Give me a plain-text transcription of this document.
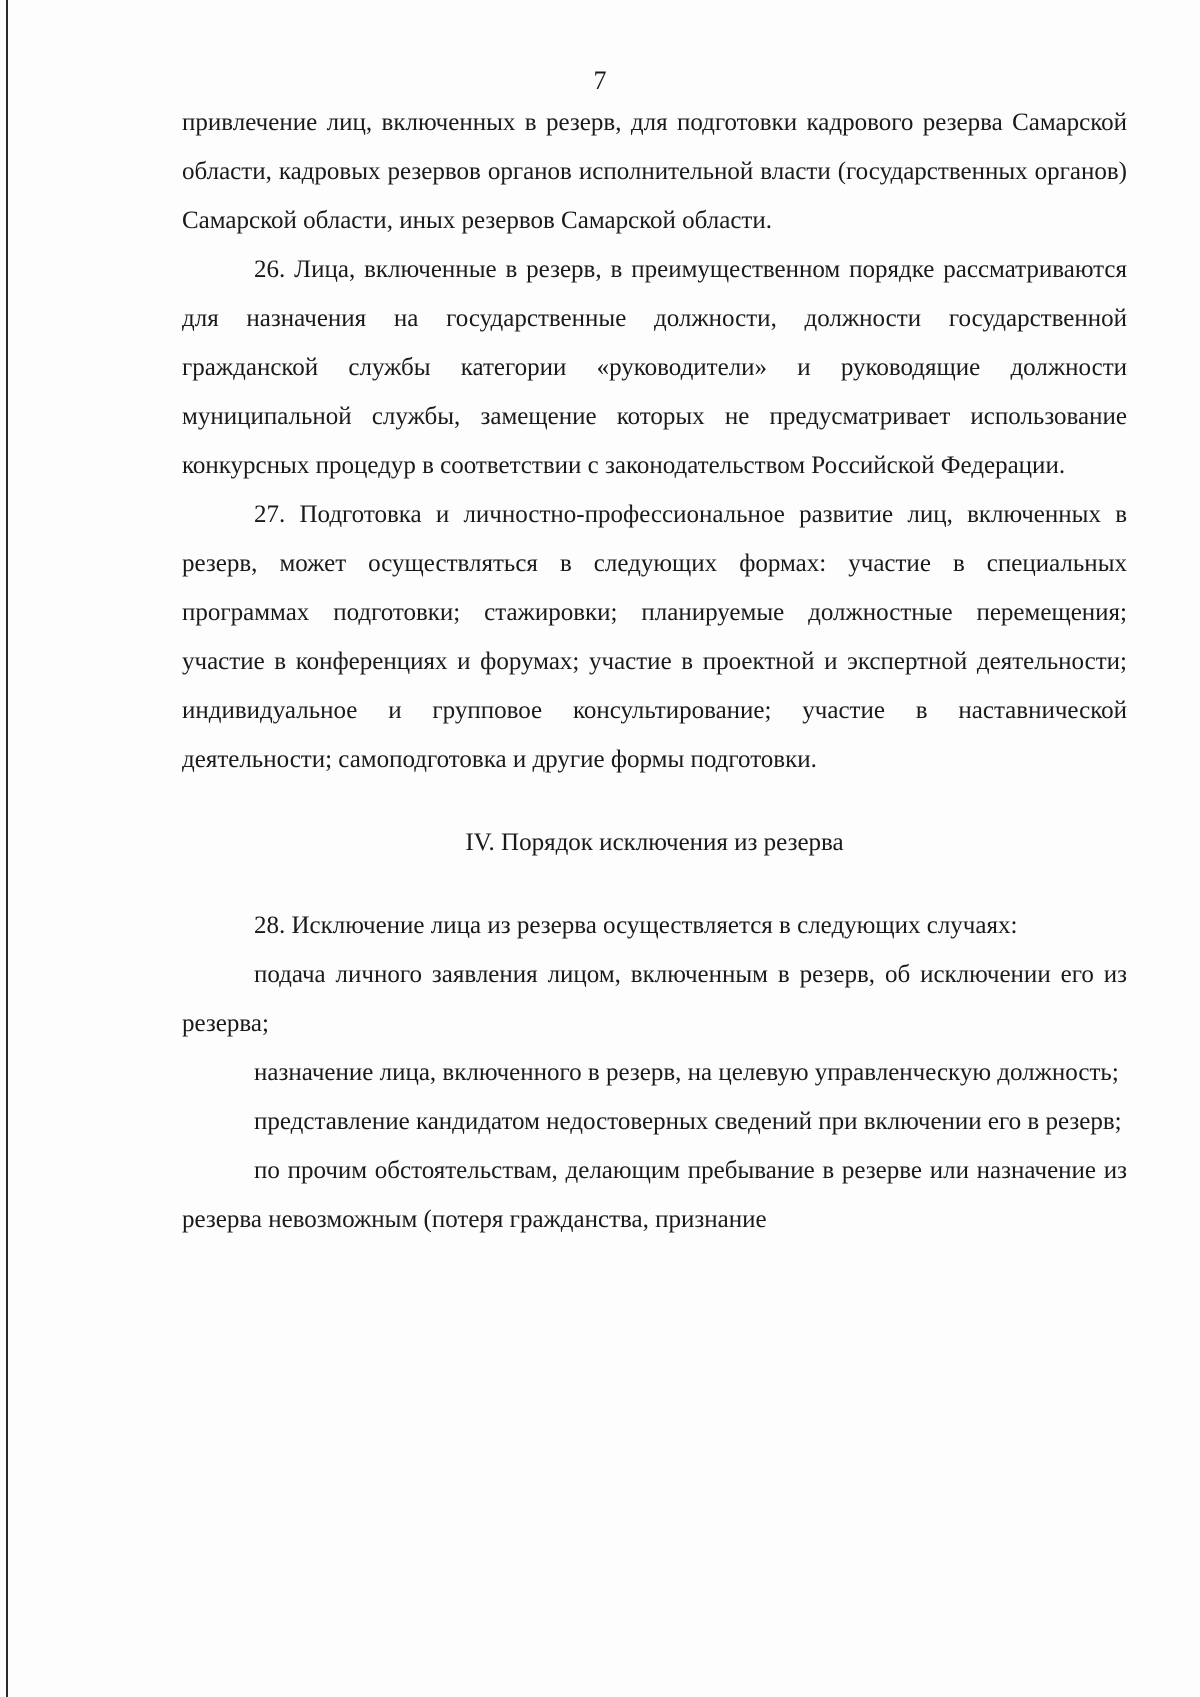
7

привлечение лиц, включенных в резерв, для подготовки кадрового резерва Самарской области, кадровых резервов органов исполнительной власти (государственных органов) Самарской области, иных резервов Самарской области.

26. Лица, включенные в резерв, в преимущественном порядке рассматриваются для назначения на государственные должности, должности государственной гражданской службы категории «руководители» и руководящие должности муниципальной службы, замещение которых не предусматривает использование конкурсных процедур в соответствии с законодательством Российской Федерации.

27. Подготовка и личностно-профессиональное развитие лиц, включенных в резерв, может осуществляться в следующих формах: участие в специальных программах подготовки; стажировки; планируемые должностные перемещения; участие в конференциях и форумах; участие в проектной и экспертной деятельности; индивидуальное и групповое консультирование; участие в наставнической деятельности; самоподготовка и другие формы подготовки.

IV. Порядок исключения из резерва

28. Исключение лица из резерва осуществляется в следующих случаях:

подача личного заявления лицом, включенным в резерв, об исключении его из резерва;

назначение лица, включенного в резерв, на целевую управленческую должность;

представление кандидатом недостоверных сведений при включении его в резерв;

по прочим обстоятельствам, делающим пребывание в резерве или назначение из резерва невозможным (потеря гражданства, признание
